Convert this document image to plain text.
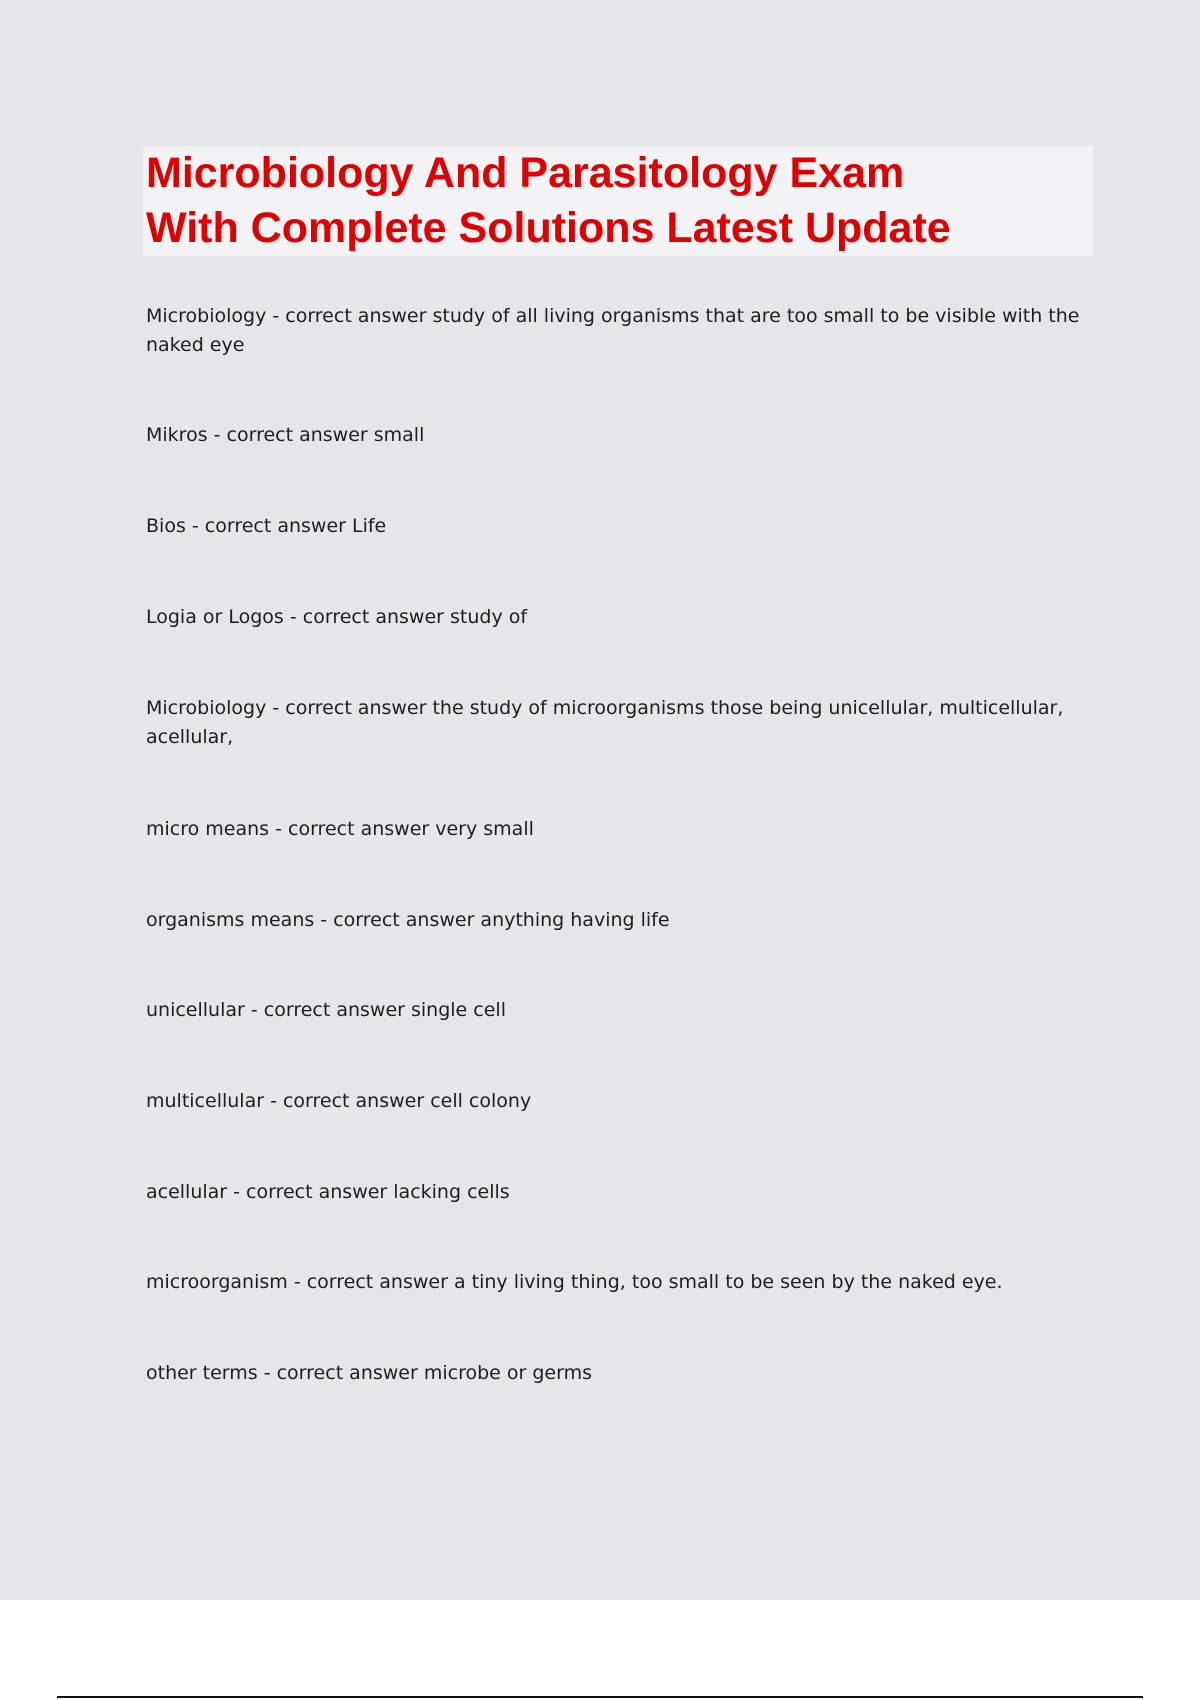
Microbiology And Parasitology Exam
With Complete Solutions Latest Update
Microbiology - correct answer study of all living organisms that are too small to be visible with the naked eye
Mikros - correct answer small
Bios - correct answer Life
Logia or Logos - correct answer study of
Microbiology - correct answer the study of microorganisms those being unicellular, multicellular, acellular,
micro means - correct answer very small
organisms means - correct answer anything having life
unicellular - correct answer single cell
multicellular - correct answer cell colony
acellular - correct answer lacking cells
microorganism - correct answer a tiny living thing, too small to be seen by the naked eye.
other terms - correct answer microbe or germs
